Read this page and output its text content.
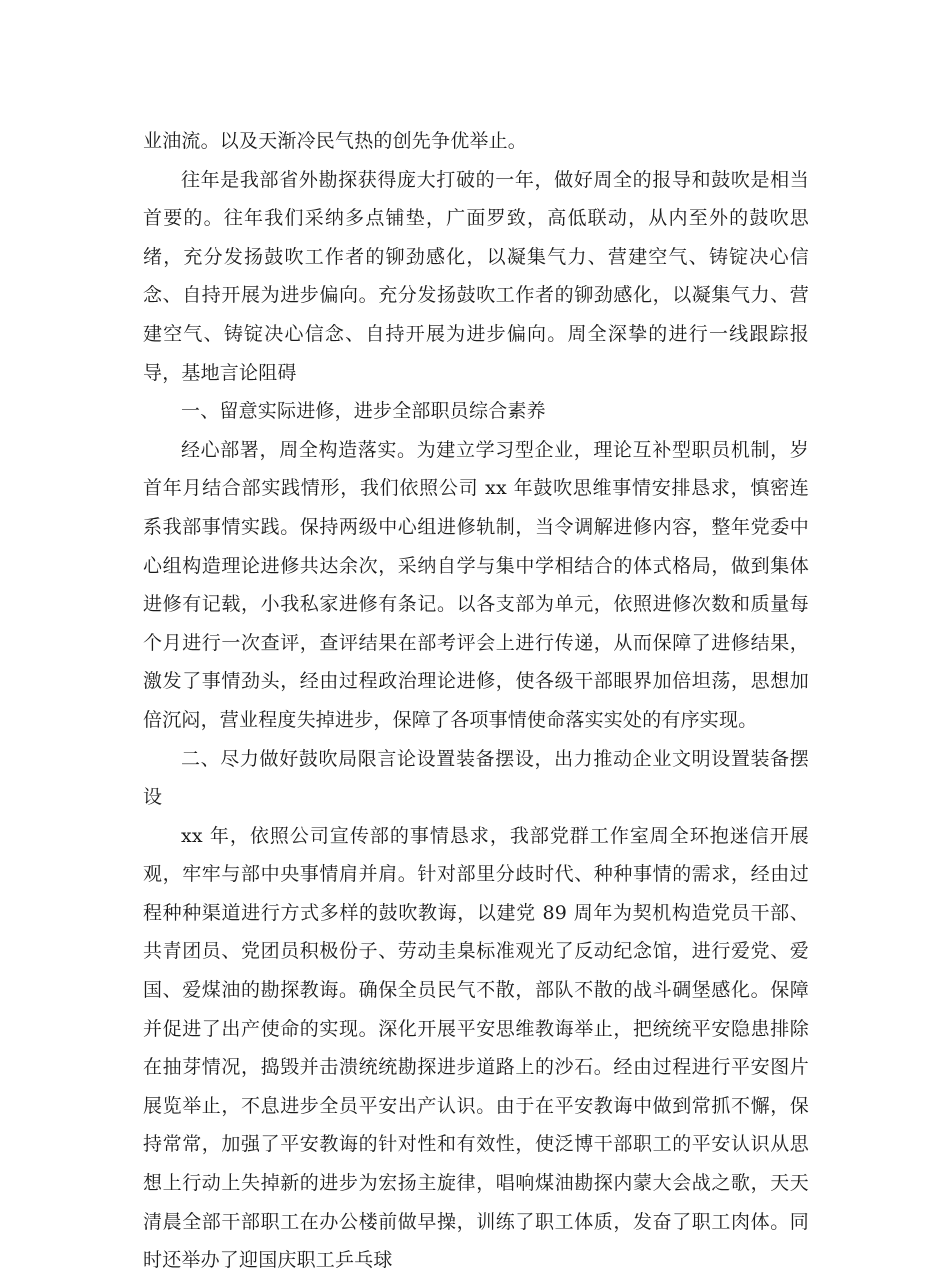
业油流。以及天渐冷民气热的创先争优举止。

往年是我部省外勘探获得庞大打破的一年，做好周全的报导和鼓吹是相当首要的。往年我们采纳多点铺垫，广面罗致，高低联动，从内至外的鼓吹思绪，充分发扬鼓吹工作者的铆劲感化，以凝集气力、营建空气、铸锭决心信念、自持开展为进步偏向。充分发扬鼓吹工作者的铆劲感化，以凝集气力、营建空气、铸锭决心信念、自持开展为进步偏向。周全深挚的进行一线跟踪报导，基地言论阻碍

一、留意实际进修，进步全部职员综合素养

经心部署，周全构造落实。为建立学习型企业，理论互补型职员机制，岁首年月结合部实践情形，我们依照公司 xx 年鼓吹思维事情安排恳求，慎密连系我部事情实践。保持两级中心组进修轨制，当令调解进修内容，整年党委中心组构造理论进修共达余次，采纳自学与集中学相结合的体式格局，做到集体进修有记载，小我私家进修有条记。以各支部为单元，依照进修次数和质量每个月进行一次查评，查评结果在部考评会上进行传递，从而保障了进修结果，激发了事情劲头，经由过程政治理论进修，使各级干部眼界加倍坦荡，思想加倍沉闷，营业程度失掉进步，保障了各项事情使命落实实处的有序实现。

二、尽力做好鼓吹局限言论设置装备摆设，出力推动企业文明设置装备摆设

xx 年，依照公司宣传部的事情恳求，我部党群工作室周全环抱迷信开展观，牢牢与部中央事情肩并肩。针对部里分歧时代、种种事情的需求，经由过程种种渠道进行方式多样的鼓吹教诲，以建党 89 周年为契机构造党员干部、共青团员、党团员积极份子、劳动圭臬标准观光了反动纪念馆，进行爱党、爱国、爱煤油的勘探教诲。确保全员民气不散，部队不散的战斗碉堡感化。保障并促进了出产使命的实现。深化开展平安思维教诲举止，把统统平安隐患排除在抽芽情况，捣毁并击溃统统勘探进步道路上的沙石。经由过程进行平安图片展览举止，不息进步全员平安出产认识。由于在平安教诲中做到常抓不懈，保持常常，加强了平安教诲的针对性和有效性，使泛博干部职工的平安认识从思想上行动上失掉新的进步为宏扬主旋律，唱响煤油勘探内蒙大会战之歌，天天清晨全部干部职工在办公楼前做早操，训练了职工体质，发奋了职工肉体。同时还举办了迎国庆职工乒乓球
